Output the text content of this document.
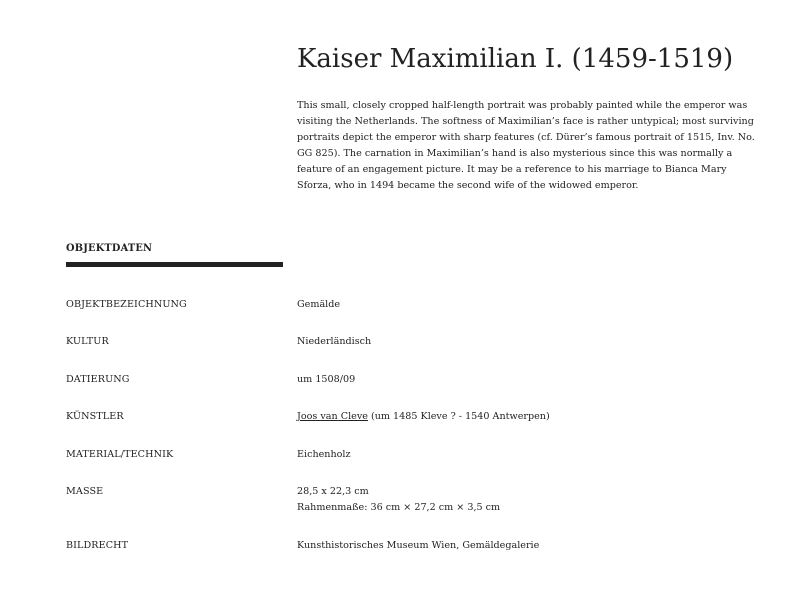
Kaiser Maximilian I. (1459-1519)

This small, closely cropped half-length portrait was probably painted while the emperor was visiting the Netherlands. The softness of Maximilian’s face is rather untypical; most surviving portraits depict the emperor with sharp features (cf. Dürer’s famous portrait of 1515, Inv. No. GG 825). The carnation in Maximilian’s hand is also mysterious since this was normally a feature of an engagement picture. It may be a reference to his marriage to Bianca Mary Sforza, who in 1494 became the second wife of the widowed emperor.

OBJEKTDATEN
OBJEKTBEZEICHNUNG	Gemälde
KULTUR	Niederländisch
DATIERUNG	um 1508/09
KÜNSTLER	Joos van Cleve (um 1485 Kleve ? - 1540 Antwerpen)
MATERIAL/TECHNIK	Eichenholz
MASSE	28,5 x 22,3 cm
Rahmenmaße: 36 cm × 27,2 cm × 3,5 cm
BILDRECHT	Kunsthistorisches Museum Wien, Gemäldegalerie
